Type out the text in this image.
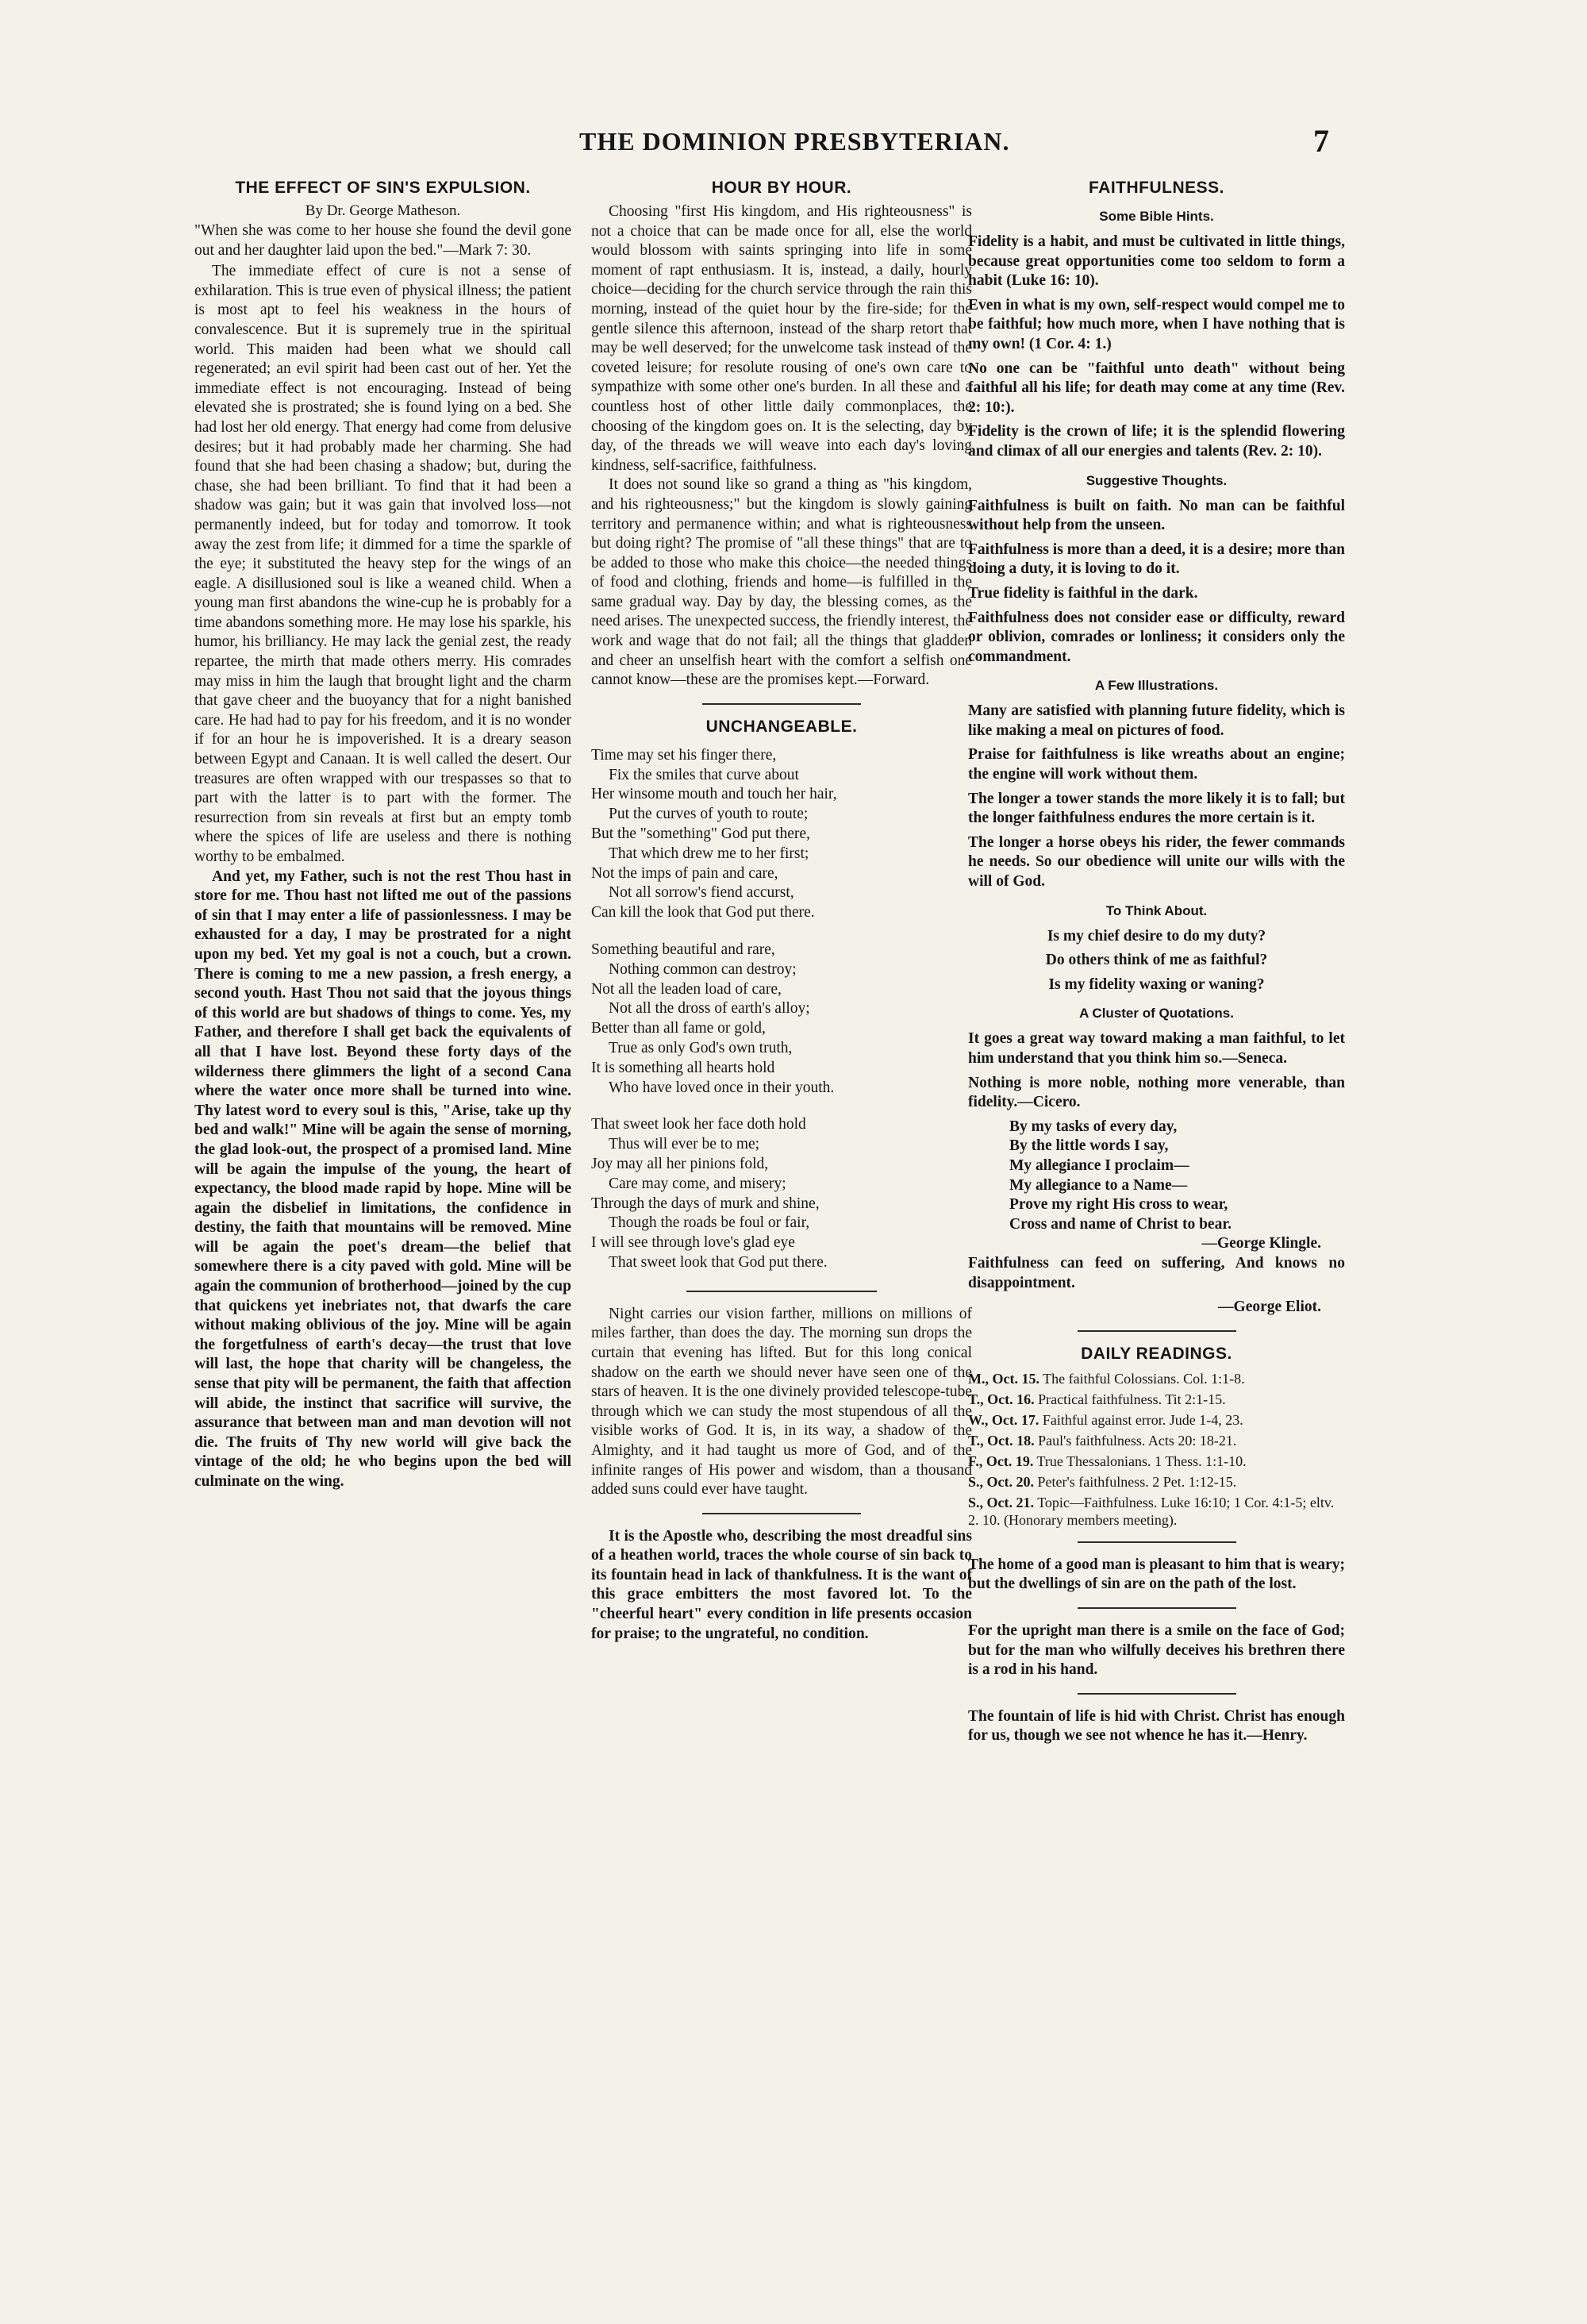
THE DOMINION PRESBYTERIAN.	7
THE EFFECT OF SIN'S EXPULSION.
By Dr. George Matheson.

"When she was come to her house she found the devil gone out and her daughter laid upon the bed."—Mark 7: 30.

The immediate effect of cure is not a sense of exhilaration. This is true even of physical illness; the patient is most apt to feel his weakness in the hours of convalescence. But it is supremely true in the spiritual world. This maiden had been what we should call regenerated; an evil spirit had been cast out of her. Yet the immediate effect is not encouraging. Instead of being elevated she is prostrated; she is found lying on a bed. She had lost her old energy. That energy had come from delusive desires; but it had probably made her charming. She had found that she had been chasing a shadow; but, during the chase, she had been brilliant. To find that it had been a shadow was gain; but it was gain that involved loss—not permanently indeed, but for today and tomorrow. It took away the zest from life; it dimmed for a time the sparkle of the eye; it substituted the heavy step for the wings of an eagle. A disillusioned soul is like a weaned child. When a young man first abandons the wine-cup he is probably for a time abandons something more. He may lose his sparkle, his humor, his brilliancy. He may lack the genial zest, the ready repartee, the mirth that made others merry. His comrades may miss in him the laugh that brought light and the charm that gave cheer and the buoyancy that for a night banished care. He had had to pay for his freedom, and it is no wonder if for an hour he is impoverished. It is a dreary season between Egypt and Canaan. It is well called the desert. Our treasures are often wrapped with our trespasses so that to part with the latter is to part with the former. The resurrection from sin reveals at first but an empty tomb where the spices of life are useless and there is nothing worthy to be embalmed.

And yet, my Father, such is not the rest Thou hast in store for me. Thou hast not lifted me out of the passions of sin that I may enter a life of passionlessness. I may be exhausted for a day, I may be prostrated for a night upon my bed. Yet my goal is not a couch, but a crown. There is coming to me a new passion, a fresh energy, a second youth. Hast Thou not said that the joyous things of this world are but shadows of things to come. Yes, my Father, and therefore I shall get back the equivalents of all that I have lost. Beyond these forty days of the wilderness there glimmers the light of a second Cana where the water once more shall be turned into wine. Thy latest word to every soul is this, "Arise, take up thy bed and walk!" Mine will be again the sense of morning, the glad look-out, the prospect of a promised land. Mine will be again the impulse of the young, the heart of expectancy, the blood made rapid by hope. Mine will be again the disbelief in limitations, the confidence in destiny, the faith that mountains will be removed. Mine will be again the poet's dream—the belief that somewhere there is a city paved with gold. Mine will be again the communion of brotherhood—joined by the cup that quickens yet inebriates not, that dwarfs the care without making oblivious of the joy. Mine will be again the forgetfulness of earth's decay—the trust that love will last, the hope that charity will be changeless, the sense that pity will be permanent, the faith that affection will abide, the instinct that sacrifice will survive, the assurance that between man and man devotion will not die. The fruits of Thy new world will give back the vintage of the old; he who begins upon the bed will culminate on the wing.

HOUR BY HOUR.

Choosing "first His kingdom, and His righteousness" is not a choice that can be made once for all, else the world would blossom with saints springing into life in some moment of rapt enthusiasm. It is, instead, a daily, hourly choice—deciding for the church service through the rain this morning, instead of the quiet hour by the fire-side; for the gentle silence this afternoon, instead of the sharp retort that may be well deserved; for the unwelcome task instead of the coveted leisure; for resolute rousing of one's own care to sympathize with some other one's burden. In all these and a countless host of other little daily commonplaces, the choosing of the kingdom goes on. It is the selecting, day by day, of the threads we will weave into each day's loving kindness, self-sacrifice, faithfulness.

It does not sound like so grand a thing as "his kingdom, and his righteousness;" but the kingdom is slowly gaining territory and permanence within; and what is righteousness but doing right? The promise of "all these things" that are to be added to those who make this choice—the needed things of food and clothing, friends and home—is fulfilled in the same gradual way. Day by day, the blessing comes, as the need arises. The unexpected success, the friendly interest, the work and wage that do not fail; all the things that gladden and cheer an unselfish heart with the comfort a selfish one cannot know—these are the promises kept.—Forward.

UNCHANGEABLE.
Time may set his finger there,
Fix the smiles that curve about
Her winsome mouth and touch her hair,
Put the curves of youth to route;
But the "something" God put there,
That which drew me to her first;
Not the imps of pain and care,
Not all sorrow's fiend accurst,
Can kill the look that God put there.
Something beautiful and rare,
Nothing common can destroy;
Not all the leaden load of care,
Not all the dross of earth's alloy;
Better than all fame or gold,
True as only God's own truth,
It is something all hearts hold
Who have loved once in their youth.
That sweet look her face doth hold
Thus will ever be to me;
Joy may all her pinions fold,
Care may come, and misery;
Through the days of murk and shine,
Though the roads be foul or fair,
I will see through love's glad eye
That sweet look that God put there.

Night carries our vision farther, millions on millions of miles farther, than does the day. The morning sun drops the curtain that evening has lifted. But for this long conical shadow on the earth we should never have seen one of the stars of heaven. It is the one divinely provided telescope-tube through which we can study the most stupendous of all the visible works of God. It is, in its way, a shadow of the Almighty, and it had taught us more of God, and of the infinite ranges of His power and wisdom, than a thousand added suns could ever have taught.

It is the Apostle who, describing the most dreadful sins of a heathen world, traces the whole course of sin back to its fountain head in lack of thankfulness. It is the want of this grace embitters the most favored lot. To the "cheerful heart" every condition in life presents occasion for praise; to the ungrateful, no condition.

FAITHFULNESS.
Some Bible Hints.

Fidelity is a habit, and must be cultivated in little things, because great opportunities come too seldom to form a habit (Luke 16: 10).

Even in what is my own, self-respect would compel me to be faithful; how much more, when I have nothing that is my own! (1 Cor. 4: 1.)

No one can be "faithful unto death" without being faithful all his life; for death may come at any time (Rev. 2: 10:).

Fidelity is the crown of life; it is the splendid flowering and climax of all our energies and talents (Rev. 2: 10).

Suggestive Thoughts.

Faithfulness is built on faith. No man can be faithful without help from the unseen.

Faithfulness is more than a deed, it is a desire; more than doing a duty, it is loving to do it.

True fidelity is faithful in the dark.

Faithfulness does not consider ease or difficulty, reward or oblivion, comrades or lonliness; it considers only the commandment.

A Few Illustrations.

Many are satisfied with planning future fidelity, which is like making a meal on pictures of food.

Praise for faithfulness is like wreaths about an engine; the engine will work without them.

The longer a tower stands the more likely it is to fall; but the longer faithfulness endures the more certain is it.

The longer a horse obeys his rider, the fewer commands he needs. So our obedience will unite our wills with the will of God.

To Think About.

Is my chief desire to do my duty?

Do others think of me as faithful?

Is my fidelity waxing or waning?

A Cluster of Quotations.

It goes a great way toward making a man faithful, to let him understand that you think him so.—Seneca.

Nothing is more noble, nothing more venerable, than fidelity.—Cicero.

By my tasks of every day,
By the little words I say,
My allegiance I proclaim—
My allegiance to a Name—
Prove my right His cross to wear,
Cross and name of Christ to bear.
—George Klingle.

Faithfulness can feed on suffering, And knows no disappointment.

—George Eliot.
DAILY READINGS.
M., Oct. 15. The faithful Colossians. Col. 1:1-8.
T., Oct. 16. Practical faithfulness. Tit 2:1-15.
W., Oct. 17. Faithful against error. Jude 1-4, 23.
T., Oct. 18. Paul's faithfulness. Acts 20: 18-21.
F., Oct. 19. True Thessalonians. 1 Thess. 1:1-10.
S., Oct. 20. Peter's faithfulness. 2 Pet. 1:12-15.
S., Oct. 21. Topic—Faithfulness. Luke 16:10; 1 Cor. 4:1-5; eltv. 2. 10. (Honorary members meeting).

The home of a good man is pleasant to him that is weary; but the dwellings of sin are on the path of the lost.

For the upright man there is a smile on the face of God; but for the man who wilfully deceives his brethren there is a rod in his hand.

The fountain of life is hid with Christ. Christ has enough for us, though we see not whence he has it.—Henry.
